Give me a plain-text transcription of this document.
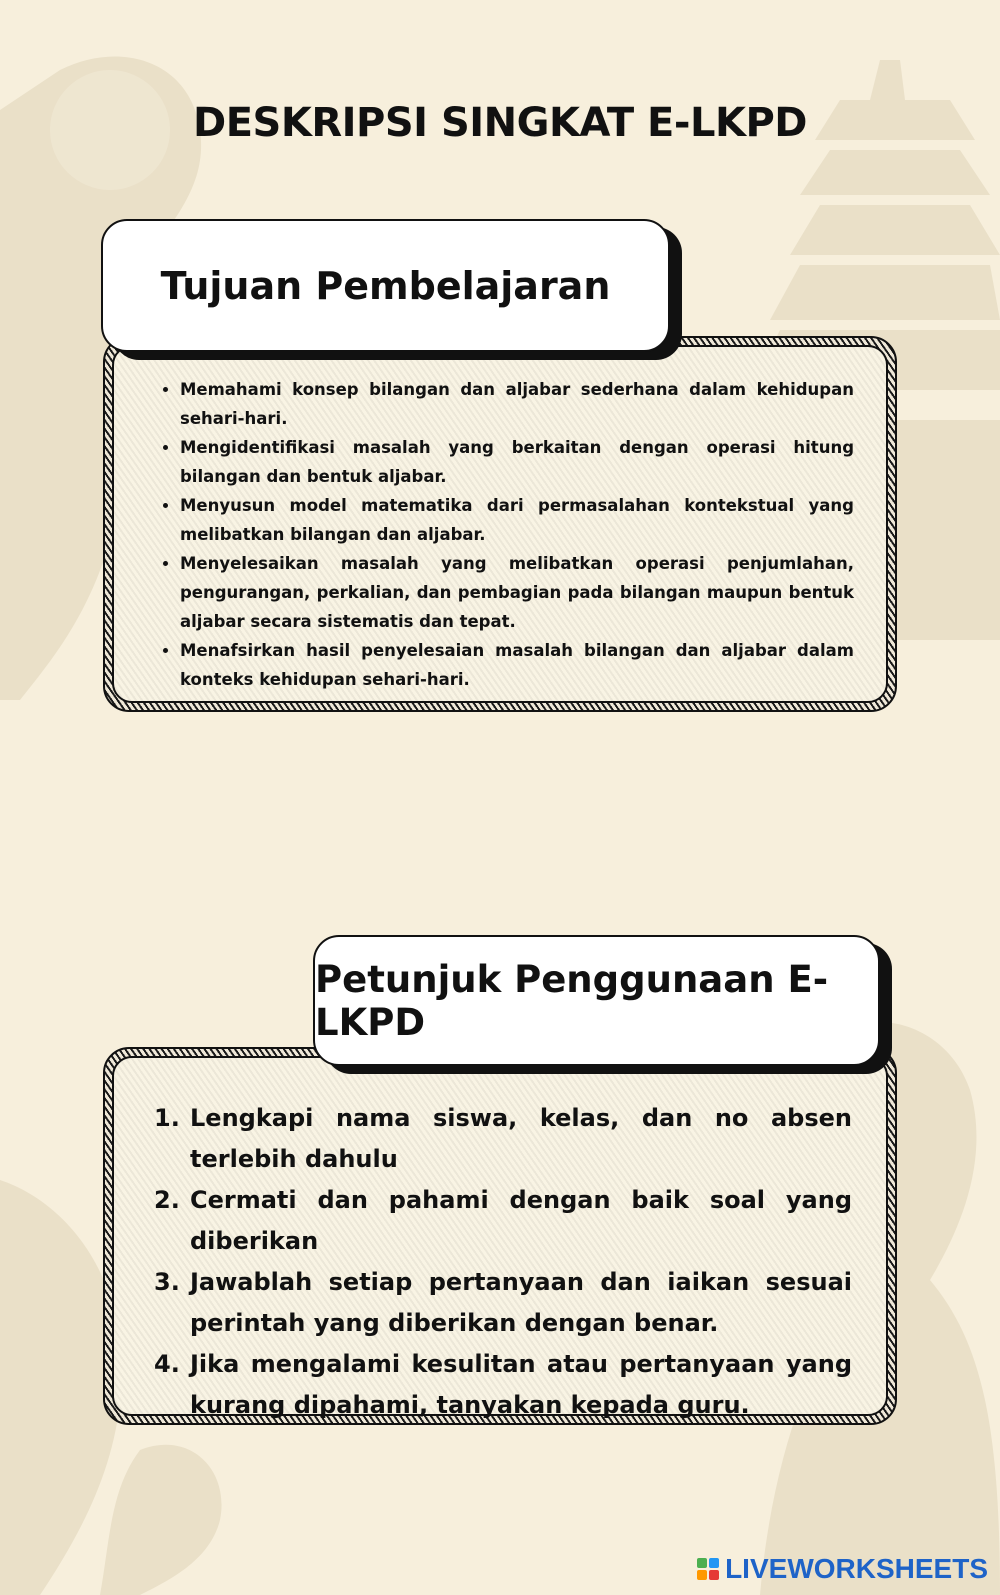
DESKRIPSI SINGKAT E-LKPD
Tujuan Pembelajaran
• Memahami konsep bilangan dan aljabar sederhana dalam kehidupan sehari-hari.
• Mengidentifikasi masalah yang berkaitan dengan operasi hitung bilangan dan bentuk aljabar.
• Menyusun model matematika dari permasalahan kontekstual yang melibatkan bilangan dan aljabar.
• Menyelesaikan masalah yang melibatkan operasi penjumlahan, pengurangan, perkalian, dan pembagian pada bilangan maupun bentuk aljabar secara sistematis dan tepat.
• Menafsirkan hasil penyelesaian masalah bilangan dan aljabar dalam konteks kehidupan sehari-hari.
Petunjuk Penggunaan E-LKPD
Lengkapi nama siswa, kelas, dan no absen terlebih dahulu
Cermati dan pahami dengan baik soal yang diberikan
Jawablah setiap pertanyaan dan iaikan sesuai perintah yang diberikan dengan benar.
Jika mengalami kesulitan atau pertanyaan yang kurang dipahami, tanyakan kepada guru.
LIVEWORKSHEETS
